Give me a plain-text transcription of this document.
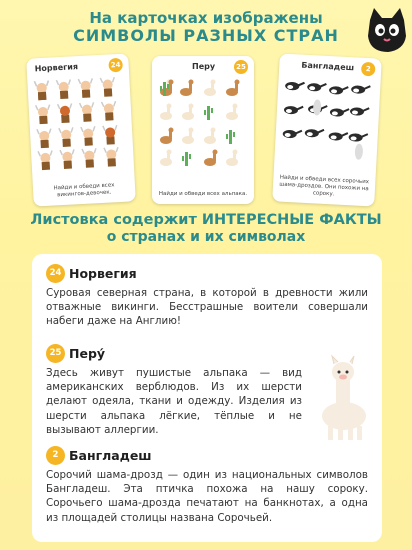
На карточках изображены
СИМВОЛЫ РАЗНЫХ СТРАН
Норвегия	24
Найди и обведи всех викингов-девочек.
Перу	25
Найди и обведи всех альпака.
Бангладеш	2
Найди и обведи всех сорочьих шама-дроздов. Они похожи на сороку.
Листовка содержит ИНТЕРЕСНЫЕ ФАКТЫ
о странах и их символах
24 Норвегия
Суровая северная страна, в которой в древности жили отважные викинги. Бесстрашные воители совершали набеги даже на Англию!
25 Перу́
Здесь живут пушистые альпака — вид американских верблюдов. Из их шерсти делают одеяла, ткани и одежду. Изделия из шерсти альпака лёгкие, тёплые и не вызывают аллергии.
2 Бангладеш
Сорочий шама-дрозд — один из национальных символов Бангладеш. Эта птичка похожа на нашу сороку. Сорочьего шама-дрозда печатают на банкнотах, а одна из площадей столицы названа Сорочьей.
